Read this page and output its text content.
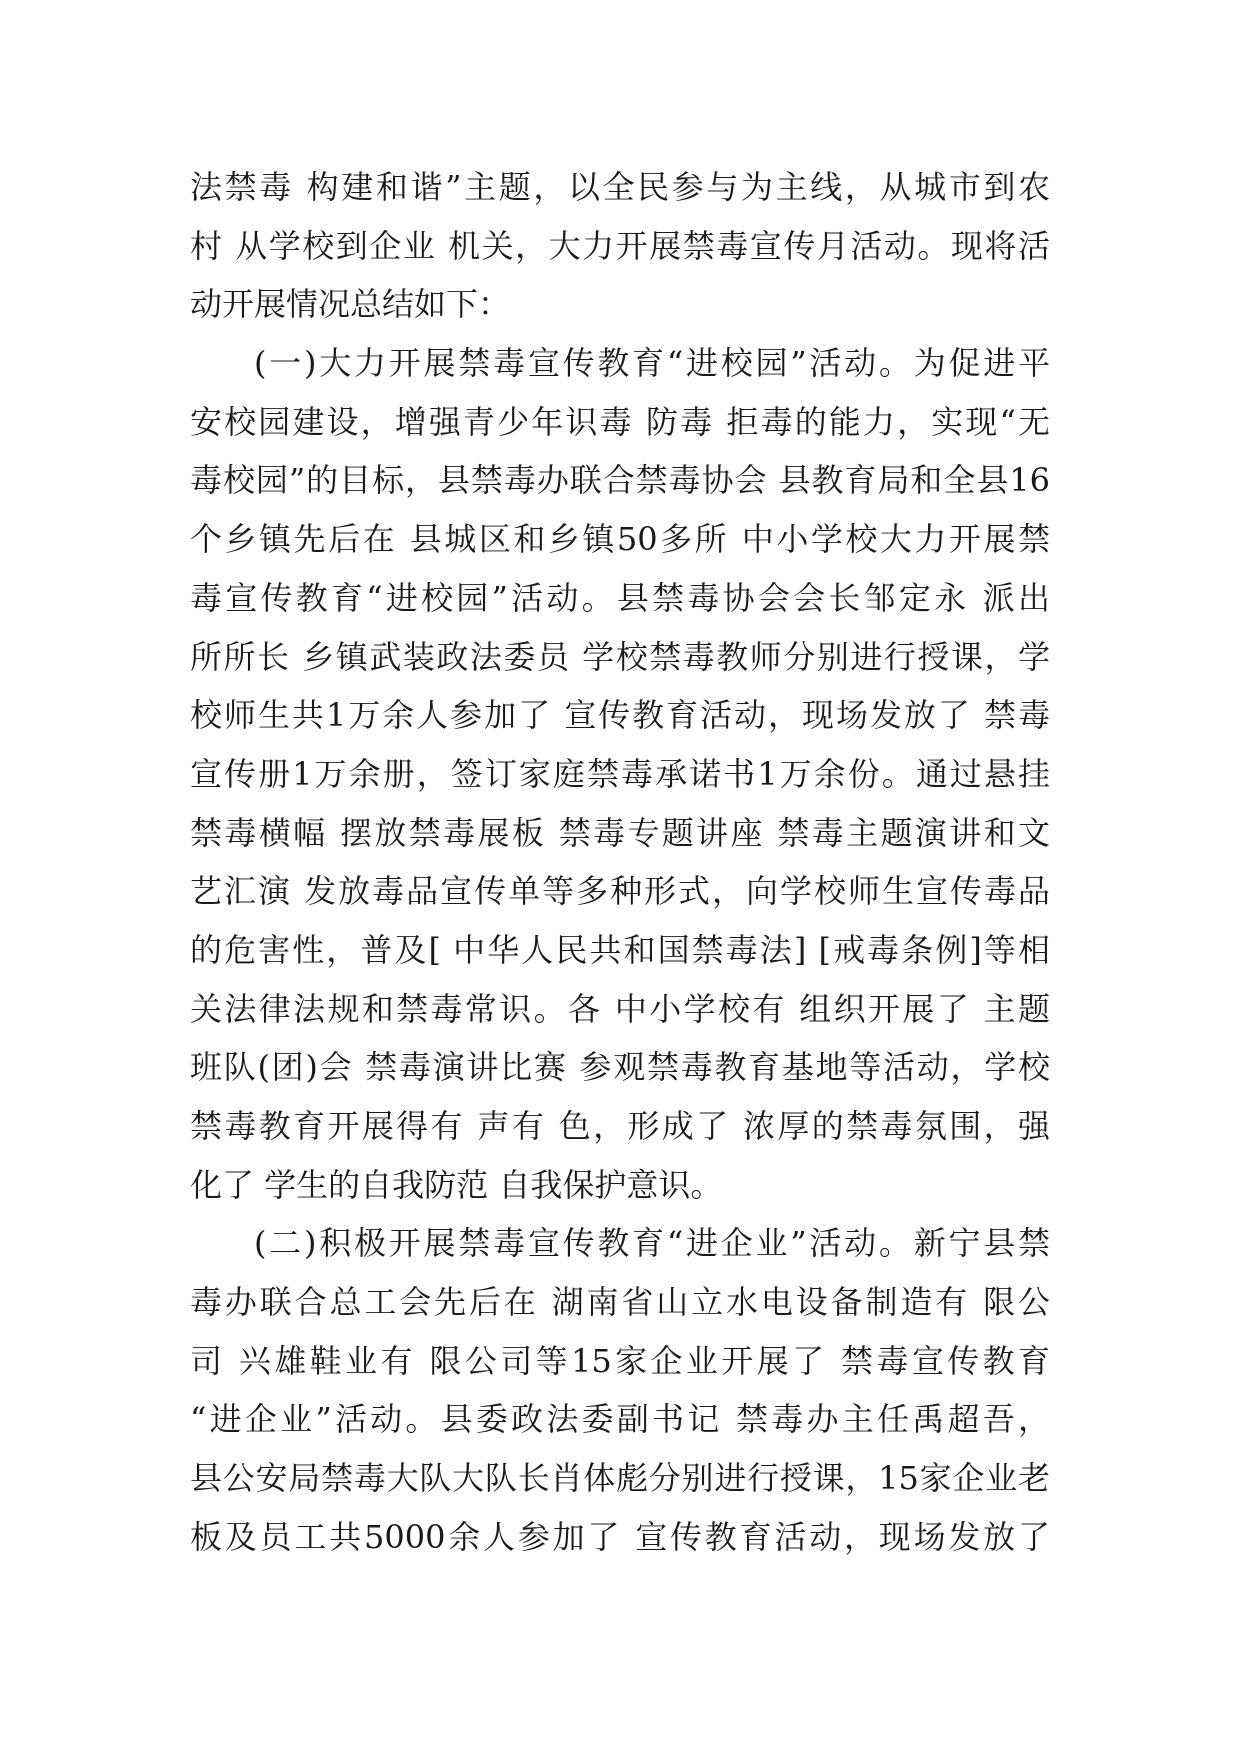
法禁毒 构建和谐”主题，以全民参与为主线，从城市到农
村 从学校到企业 机关，大力开展禁毒宣传月活动。现将活
动开展情况总结如下：
(一)大力开展禁毒宣传教育“进校园”活动。为促进平
安校园建设，增强青少年识毒 防毒 拒毒的能力，实现“无
毒校园”的目标，县禁毒办联合禁毒协会 县教育局和全县16
个乡镇先后在 县城区和乡镇50多所 中小学校大力开展禁
毒宣传教育“进校园”活动。县禁毒协会会长邹定永 派出
所所长 乡镇武装政法委员 学校禁毒教师分别进行授课，学
校师生共1万余人参加了 宣传教育活动，现场发放了 禁毒
宣传册1万余册，签订家庭禁毒承诺书1万余份。通过悬挂
禁毒横幅 摆放禁毒展板 禁毒专题讲座 禁毒主题演讲和文
艺汇演 发放毒品宣传单等多种形式，向学校师生宣传毒品
的危害性，普及[ 中华人民共和国禁毒法] [戒毒条例]等相
关法律法规和禁毒常识。各 中小学校有 组织开展了 主题
班队(团)会 禁毒演讲比赛 参观禁毒教育基地等活动，学校
禁毒教育开展得有 声有 色，形成了 浓厚的禁毒氛围，强
化了 学生的自我防范 自我保护意识。
(二)积极开展禁毒宣传教育“进企业”活动。新宁县禁
毒办联合总工会先后在 湖南省山立水电设备制造有 限公
司 兴雄鞋业有 限公司等15家企业开展了 禁毒宣传教育
“进企业”活动。县委政法委副书记 禁毒办主任禹超吾，
县公安局禁毒大队大队长肖体彪分别进行授课，15家企业老
板及员工共5000余人参加了 宣传教育活动，现场发放了
